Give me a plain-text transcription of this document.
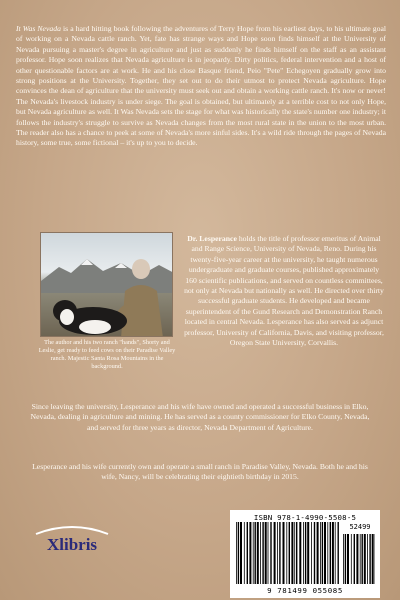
It Was Nevada is a hard hitting book following the adventures of Terry Hope from his earliest days, to his ultimate goal of working on a Nevada cattle ranch. Yet, fate has strange ways and Hope soon finds himself at the University of Nevada pursuing a master's degree in agriculture and just as suddenly he finds himself on the staff as an assistant professor. Hope soon realizes that Nevada agriculture is in jeopardy. Dirty politics, federal intervention and a host of other questionable factors are at work. He and his close Basque friend, Peio "Pete" Echegoyen gradually grow into strong positions at the University. Together, they set out to do their utmost to protect Nevada agriculture. Hope convinces the dean of agriculture that the university must seek out and obtain a working cattle ranch. It's now or never! The Nevada's livestock industry is under siege. The goal is obtained, but ultimately at a terrible cost to not only Hope, but Nevada agriculture as well. It Was Nevada sets the stage for what was historically the state's number one industry; it follows the industry's struggle to survive as Nevada changes from the most rural state in the union to the most urban. The reader also has a chance to peek at some of Nevada's more sinful sides. It's a wild ride through the pages of Nevada history, some true, some fictional – it's up to you to decide.
The author and his two ranch "hands", Shorty and Leslie, get ready to feed cows on their Paradise Valley ranch. Majestic Santa Rosa Mountains in the background.
Dr. Lesperance holds the title of professor emeritus of Animal and Range Science, University of Nevada, Reno. During his twenty-five-year career at the university, he taught numerous undergraduate and graduate courses, published approximately 160 scientific publications, and served on countless committees, not only at Nevada but nationally as well. He directed over thirty successful graduate students. He developed and became superintendent of the Gund Research and Demonstration Ranch located in central Nevada. Lesperance has also served as adjunct professor, University of California, Davis, and visiting professor, Oregon State University, Corvallis.
Since leaving the university, Lesperance and his wife have owned and operated a successful business in Elko, Nevada, dealing in agriculture and mining. He has served as a county commissioner for Elko County, Nevada, and served for three years as director, Nevada Department of Agriculture.
Lesperance and his wife currently own and operate a small ranch in Paradise Valley, Nevada. Both he and his wife, Nancy, will be celebrating their eightieth birthday in 2015.
Xlibris
ISBN 978-1-4990-5508-5
52499
9 781499 055085
